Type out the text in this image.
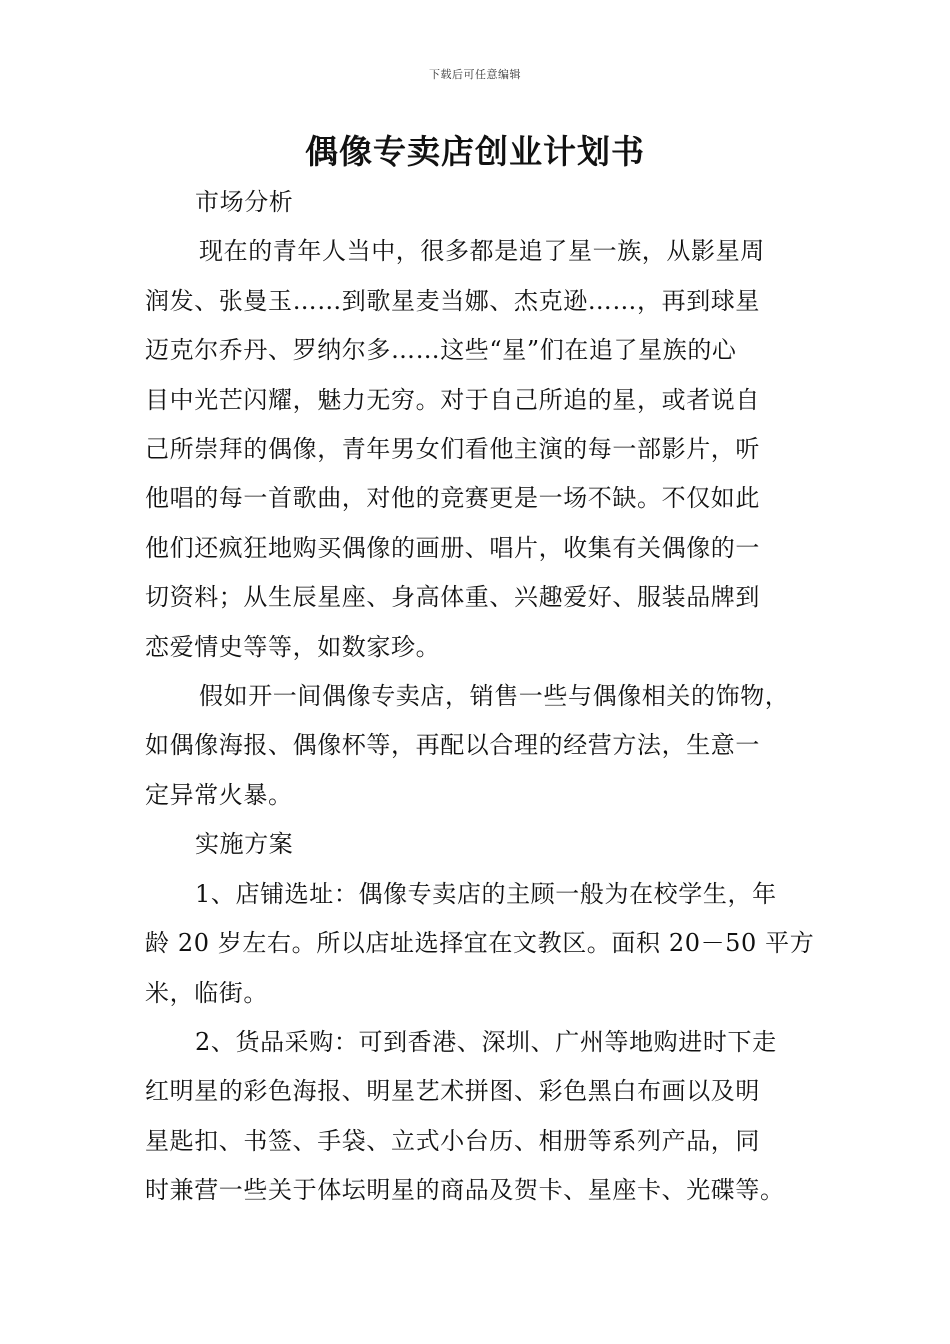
下载后可任意编辑
偶像专卖店创业计划书

市场分析

现在的青年人当中，很多都是追了星一族，从影星周

润发、张曼玉……到歌星麦当娜、杰克逊……，再到球星
迈克尔乔丹、罗纳尔多……这些“星”们在追了星族的心
目中光芒闪耀，魅力无穷。对于自己所追的星，或者说自
己所崇拜的偶像，青年男女们看他主演的每一部影片，听
他唱的每一首歌曲，对他的竞赛更是一场不缺。不仅如此
他们还疯狂地购买偶像的画册、唱片，收集有关偶像的一
切资料；从生辰星座、身高体重、兴趣爱好、服装品牌到
恋爱情史等等，如数家珍。

假如开一间偶像专卖店，销售一些与偶像相关的饰物，

如偶像海报、偶像杯等，再配以合理的经营方法，生意一
定异常火暴。

实施方案

1、店铺选址：偶像专卖店的主顾一般为在校学生，年

龄 20 岁左右。所以店址选择宜在文教区。面积 20－50 平方
米，临街。

2、货品采购：可到香港、深圳、广州等地购进时下走

红明星的彩色海报、明星艺术拼图、彩色黑白布画以及明
星匙扣、书签、手袋、立式小台历、相册等系列产品，同
时兼营一些关于体坛明星的商品及贺卡、星座卡、光碟等。
